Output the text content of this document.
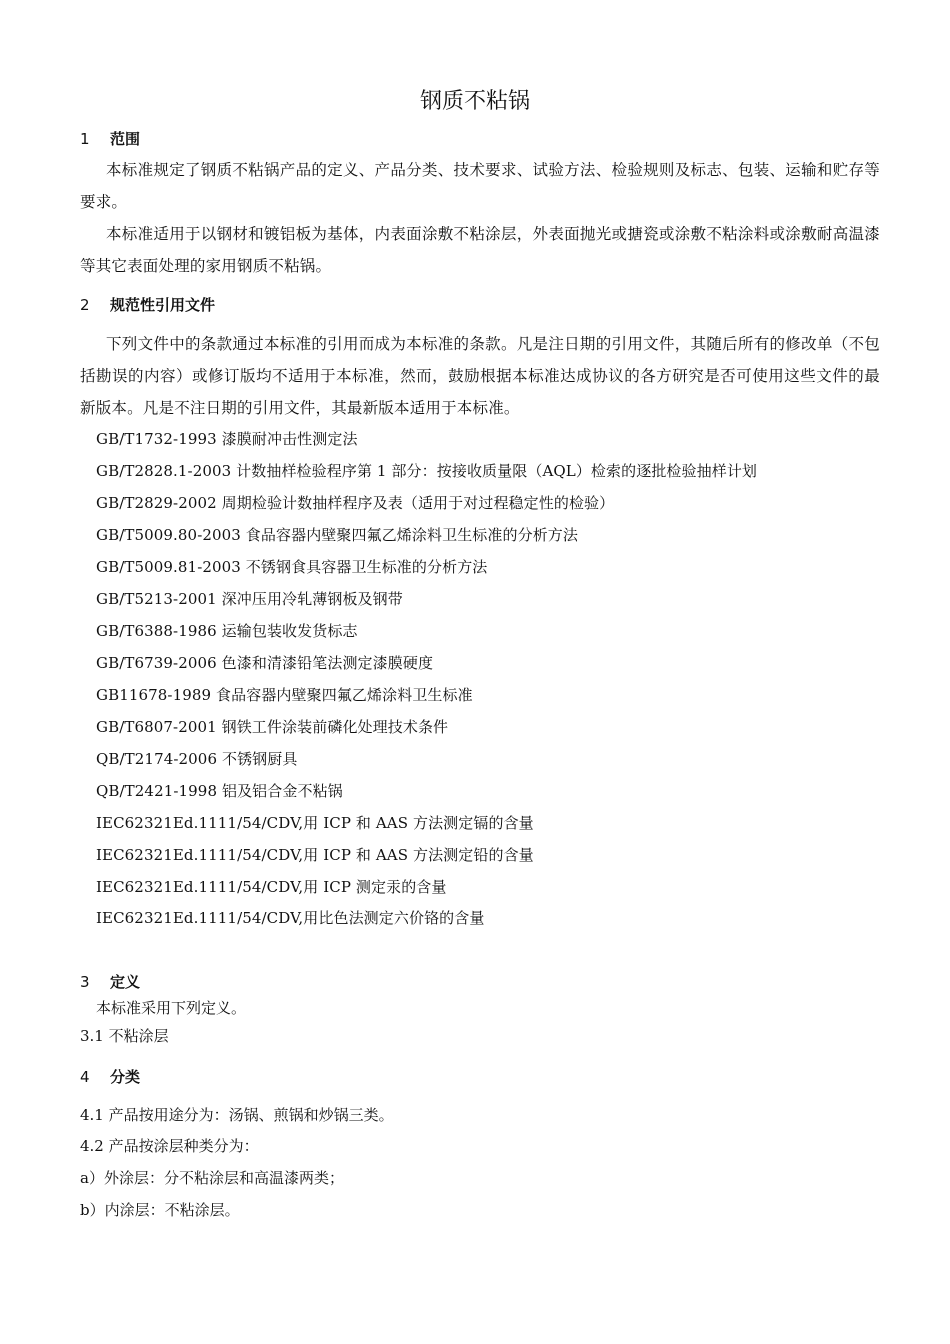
钢质不粘锅
1 范围
本标准规定了钢质不粘锅产品的定义、产品分类、技术要求、试验方法、检验规则及标志、包装、运输和贮存等要求。
本标准适用于以钢材和镀铝板为基体，内表面涂敷不粘涂层，外表面抛光或搪瓷或涂敷不粘涂料或涂敷耐高温漆等其它表面处理的家用钢质不粘锅。
2 规范性引用文件
下列文件中的条款通过本标准的引用而成为本标准的条款。凡是注日期的引用文件，其随后所有的修改单（不包括勘误的内容）或修订版均不适用于本标准，然而，鼓励根据本标准达成协议的各方研究是否可使用这些文件的最新版本。凡是不注日期的引用文件，其最新版本适用于本标准。
GB/T1732-1993 漆膜耐冲击性测定法
GB/T2828.1-2003 计数抽样检验程序第 1 部分：按接收质量限（AQL）检索的逐批检验抽样计划
GB/T2829-2002 周期检验计数抽样程序及表（适用于对过程稳定性的检验）
GB/T5009.80-2003 食品容器内壁聚四氟乙烯涂料卫生标准的分析方法
GB/T5009.81-2003 不锈钢食具容器卫生标准的分析方法
GB/T5213-2001 深冲压用冷轧薄钢板及钢带
GB/T6388-1986 运输包装收发货标志
GB/T6739-2006 色漆和清漆铅笔法测定漆膜硬度
GB11678-1989 食品容器内壁聚四氟乙烯涂料卫生标准
GB/T6807-2001 钢铁工件涂装前磷化处理技术条件
QB/T2174-2006 不锈钢厨具
QB/T2421-1998 铝及铝合金不粘锅
IEC62321Ed.1111/54/CDV,用 ICP 和 AAS 方法测定镉的含量
IEC62321Ed.1111/54/CDV,用 ICP 和 AAS 方法测定铅的含量
IEC62321Ed.1111/54/CDV,用 ICP 测定汞的含量
IEC62321Ed.1111/54/CDV,用比色法测定六价铬的含量
3 定义
本标准采用下列定义。
3.1 不粘涂层
4 分类
4.1 产品按用途分为：汤锅、煎锅和炒锅三类。
4.2 产品按涂层种类分为：
a）外涂层：分不粘涂层和高温漆两类；
b）内涂层：不粘涂层。
